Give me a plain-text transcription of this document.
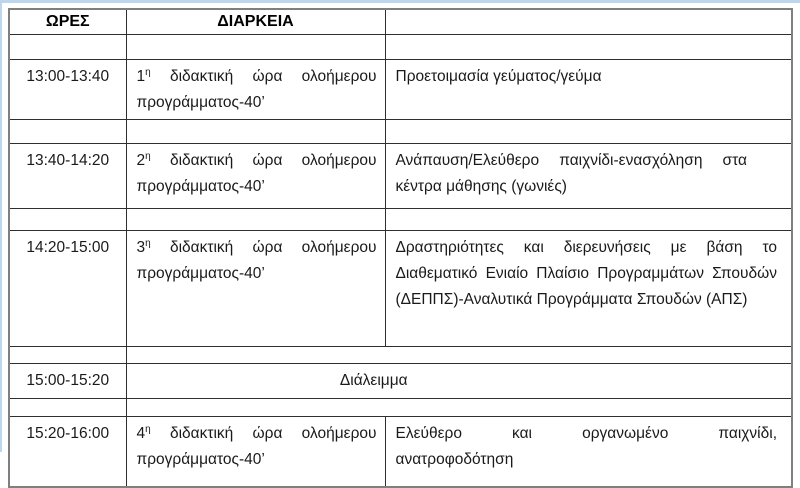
ΩΡΕΣ	ΔΙΑΡΚΕΙΑ	

13:00-13:40	$1^\eta$ διδακτική ώρα ολοήμερου προγράμματος-40’	Προετοιμασία γεύματος/γεύμα

13:40-14:20	$2^\eta$ διδακτική ώρα ολοήμερου προγράμματος-40’	Ανάπαυση/Ελεύθερο παιχνίδι-ενασχόληση στα κέντρα μάθησης (γωνιές)

14:20-15:00	$3^\eta$ διδακτική ώρα ολοήμερου προγράμματος-40’	Δραστηριότητες και διερευνήσεις με βάση το Διαθεματικό Ενιαίο Πλαίσιο Προγραμμάτων Σπουδών (ΔΕΠΠΣ)-Αναλυτικά Προγράμματα Σπουδών (ΑΠΣ)

15:00-15:20	Διάλειμμα	

15:20-16:00	$4^\eta$ διδακτική ώρα ολοήμερου προγράμματος-40’	Ελεύθερο και οργανωμένο παιχνίδι,
ανατροφοδότηση
